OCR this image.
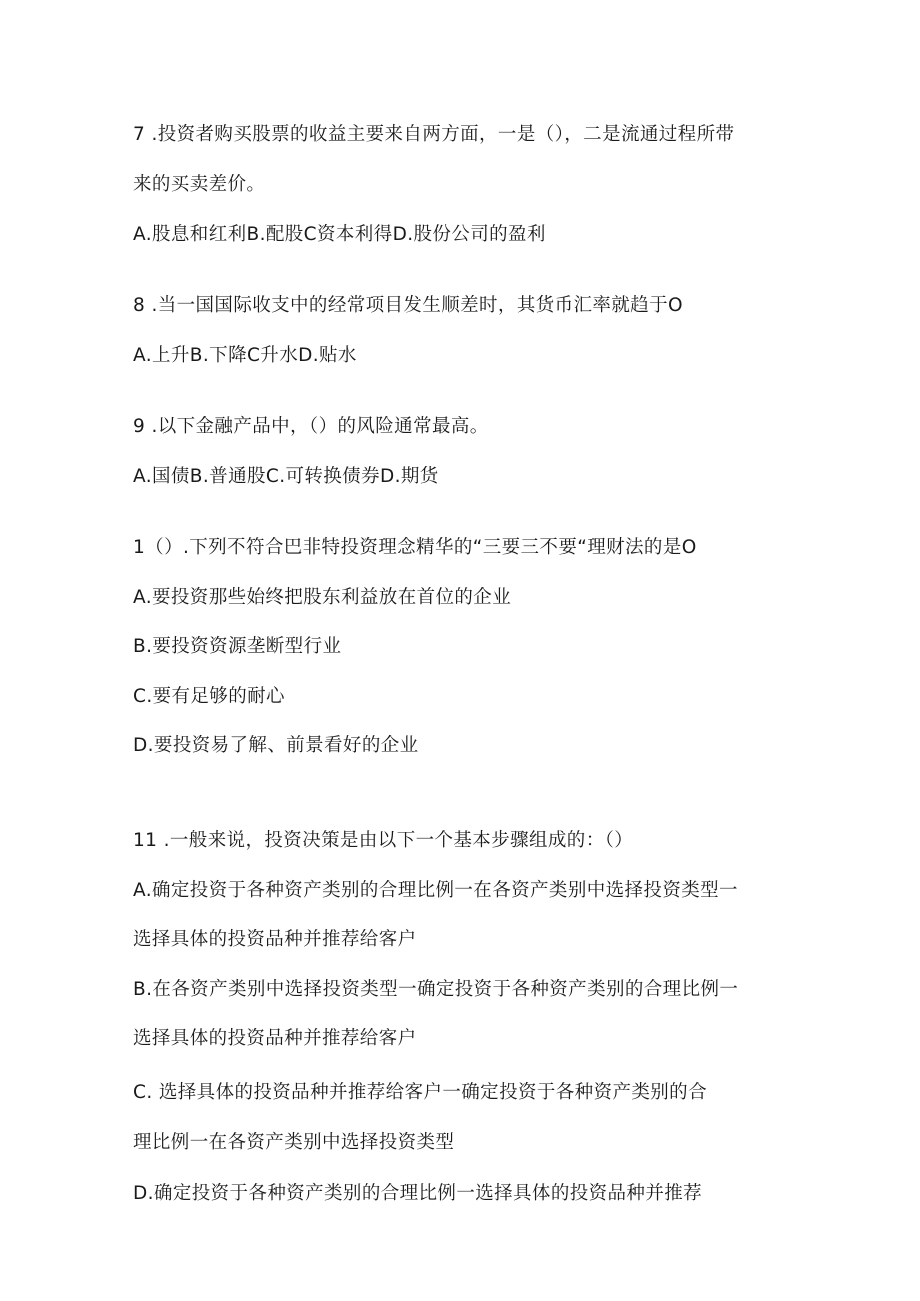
7 .投资者购买股票的收益主要来自两方面，一是（），二是流通过程所带
来的买卖差价。
A.股息和红利B.配股C资本利得D.股份公司的盈利
8 .当一国国际收支中的经常项目发生顺差时，其货币汇率就趋于O
A.上升B.下降C升水D.贴水
9 .以下金融产品中，（）的风险通常最高。
A.国债B.普通股C.可转换债券D.期货
1（）.下列不符合巴非特投资理念精华的“三要三不要“理财法的是O
A.要投资那些始终把股东利益放在首位的企业
B.要投资资源垄断型行业
C.要有足够的耐心
D.要投资易了解、前景看好的企业
11 .一般来说，投资决策是由以下一个基本步骤组成的：（）
A.确定投资于各种资产类别的合理比例一在各资产类别中选择投资类型一
选择具体的投资品种并推荐给客户
B.在各资产类别中选择投资类型一确定投资于各种资产类别的合理比例一
选择具体的投资品种并推荐给客户
C. 选择具体的投资品种并推荐给客户一确定投资于各种资产类别的合
理比例一在各资产类别中选择投资类型
D.确定投资于各种资产类别的合理比例一选择具体的投资品种并推荐
